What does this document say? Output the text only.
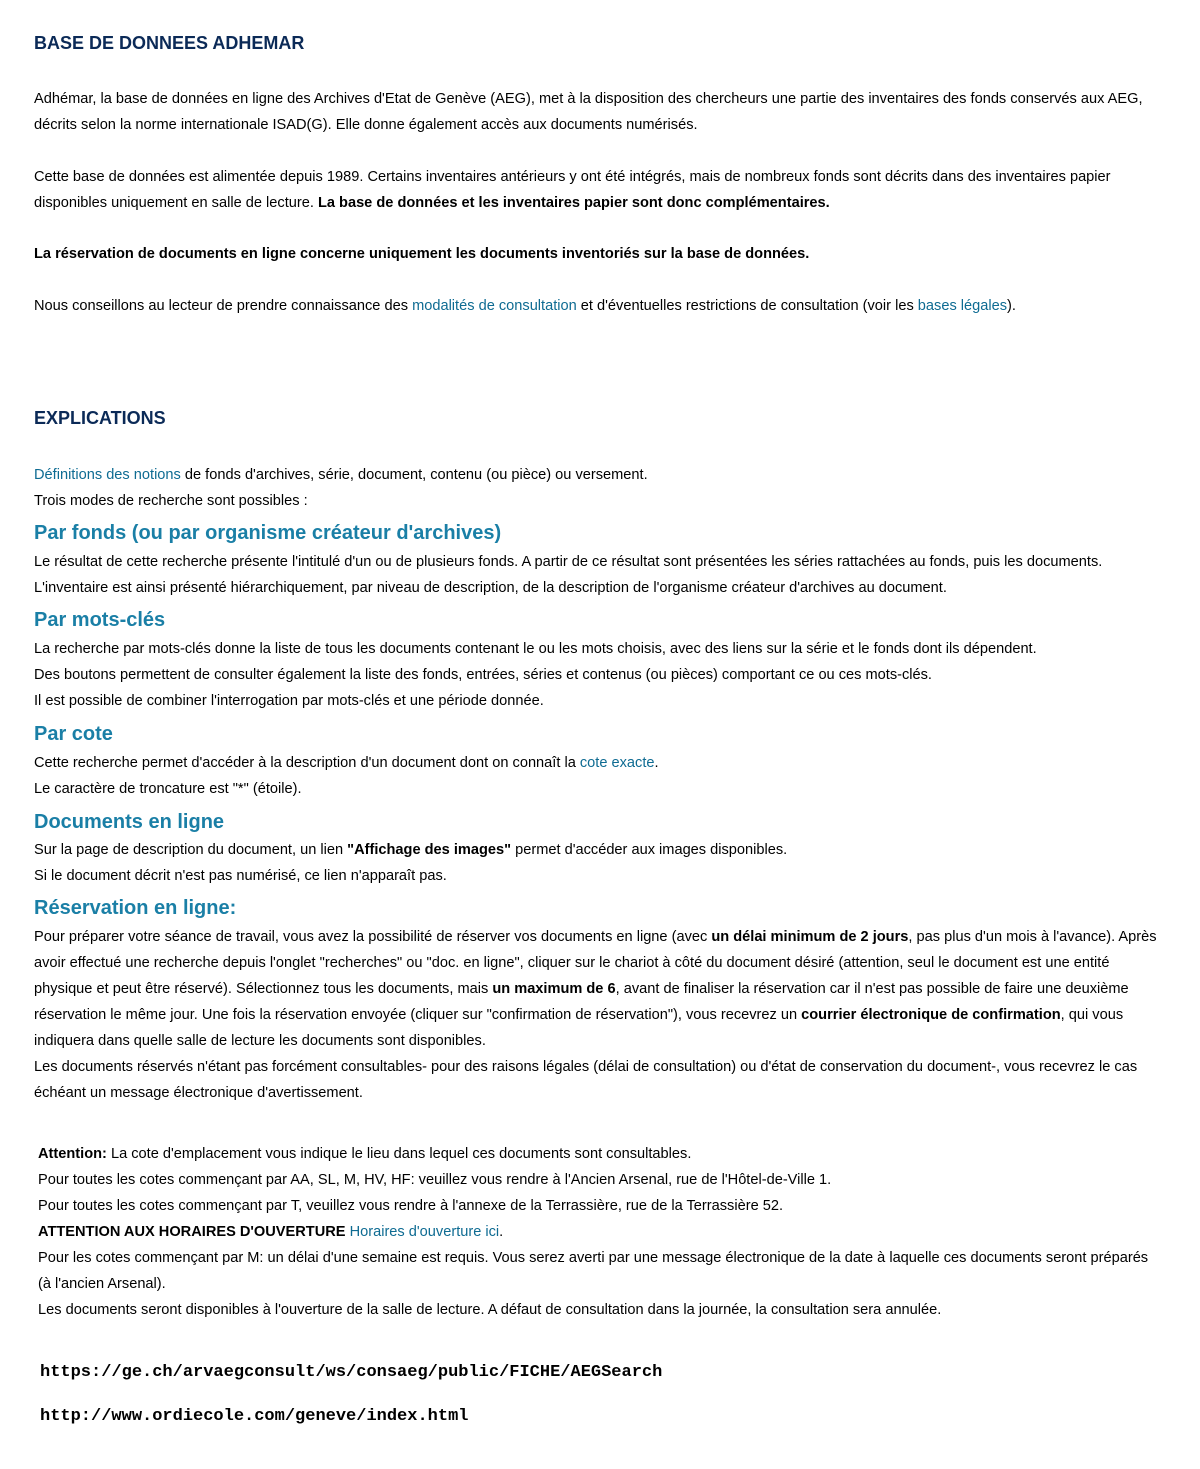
BASE DE DONNEES ADHEMAR

Adhémar, la base de données en ligne des Archives d'Etat de Genève (AEG), met à la disposition des chercheurs une partie des inventaires des fonds conservés aux AEG, décrits selon la norme internationale ISAD(G). Elle donne également accès aux documents numérisés.

Cette base de données est alimentée depuis 1989. Certains inventaires antérieurs y ont été intégrés, mais de nombreux fonds sont décrits dans des inventaires papier disponibles uniquement en salle de lecture. La base de données et les inventaires papier sont donc complémentaires.

La réservation de documents en ligne concerne uniquement les documents inventoriés sur la base de données.

Nous conseillons au lecteur de prendre connaissance des modalités de consultation et d'éventuelles restrictions de consultation (voir les bases légales).

EXPLICATIONS

Définitions des notions de fonds d'archives, série, document, contenu (ou pièce) ou versement.

Trois modes de recherche sont possibles :

Par fonds (ou par organisme créateur d'archives)

Le résultat de cette recherche présente l'intitulé d'un ou de plusieurs fonds. A partir de ce résultat sont présentées les séries rattachées au fonds, puis les documents.

L'inventaire est ainsi présenté hiérarchiquement, par niveau de description, de la description de l'organisme créateur d'archives au document.

Par mots-clés

La recherche par mots-clés donne la liste de tous les documents contenant le ou les mots choisis, avec des liens sur la série et le fonds dont ils dépendent.

Des boutons permettent de consulter également la liste des fonds, entrées, séries et contenus (ou pièces) comportant ce ou ces mots-clés.

Il est possible de combiner l'interrogation par mots-clés et une période donnée.

Par cote

Cette recherche permet d'accéder à la description d'un document dont on connaît la cote exacte.

Le caractère de troncature est "*" (étoile).

Documents en ligne

Sur la page de description du document, un lien "Affichage des images" permet d'accéder aux images disponibles.

Si le document décrit n'est pas numérisé, ce lien n'apparaît pas.

Réservation en ligne:

Pour préparer votre séance de travail, vous avez la possibilité de réserver vos documents en ligne (avec un délai minimum de 2 jours, pas plus d'un mois à l'avance). Après avoir effectué une recherche depuis l'onglet "recherches" ou "doc. en ligne", cliquer sur le chariot à côté du document désiré (attention, seul le document est une entité physique et peut être réservé). Sélectionnez tous les documents, mais un maximum de 6, avant de finaliser la réservation car il n'est pas possible de faire une deuxième réservation le même jour. Une fois la réservation envoyée (cliquer sur "confirmation de réservation"), vous recevrez un courrier électronique de confirmation, qui vous indiquera dans quelle salle de lecture les documents sont disponibles.
Les documents réservés n'étant pas forcément consultables- pour des raisons légales (délai de consultation) ou d'état de conservation du document-, vous recevrez le cas échéant un message électronique d'avertissement.

Attention: La cote d'emplacement vous indique le lieu dans lequel ces documents sont consultables.

Pour toutes les cotes commençant par AA, SL, M, HV, HF: veuillez vous rendre à l'Ancien Arsenal, rue de l'Hôtel-de-Ville 1.

Pour toutes les cotes commençant par T, veuillez vous rendre à l'annexe de la Terrassière, rue de la Terrassière 52.

ATTENTION AUX HORAIRES D'OUVERTURE Horaires d'ouverture ici.

Pour les cotes commençant par M: un délai d'une semaine est requis. Vous serez averti par une message électronique de la date à laquelle ces documents seront préparés (à l'ancien Arsenal).

Les documents seront disponibles à l'ouverture de la salle de lecture. A défaut de consultation dans la journée, la consultation sera annulée.

https://ge.ch/arvaegconsult/ws/consaeg/public/FICHE/AEGSearch
http://www.ordiecole.com/geneve/index.html
